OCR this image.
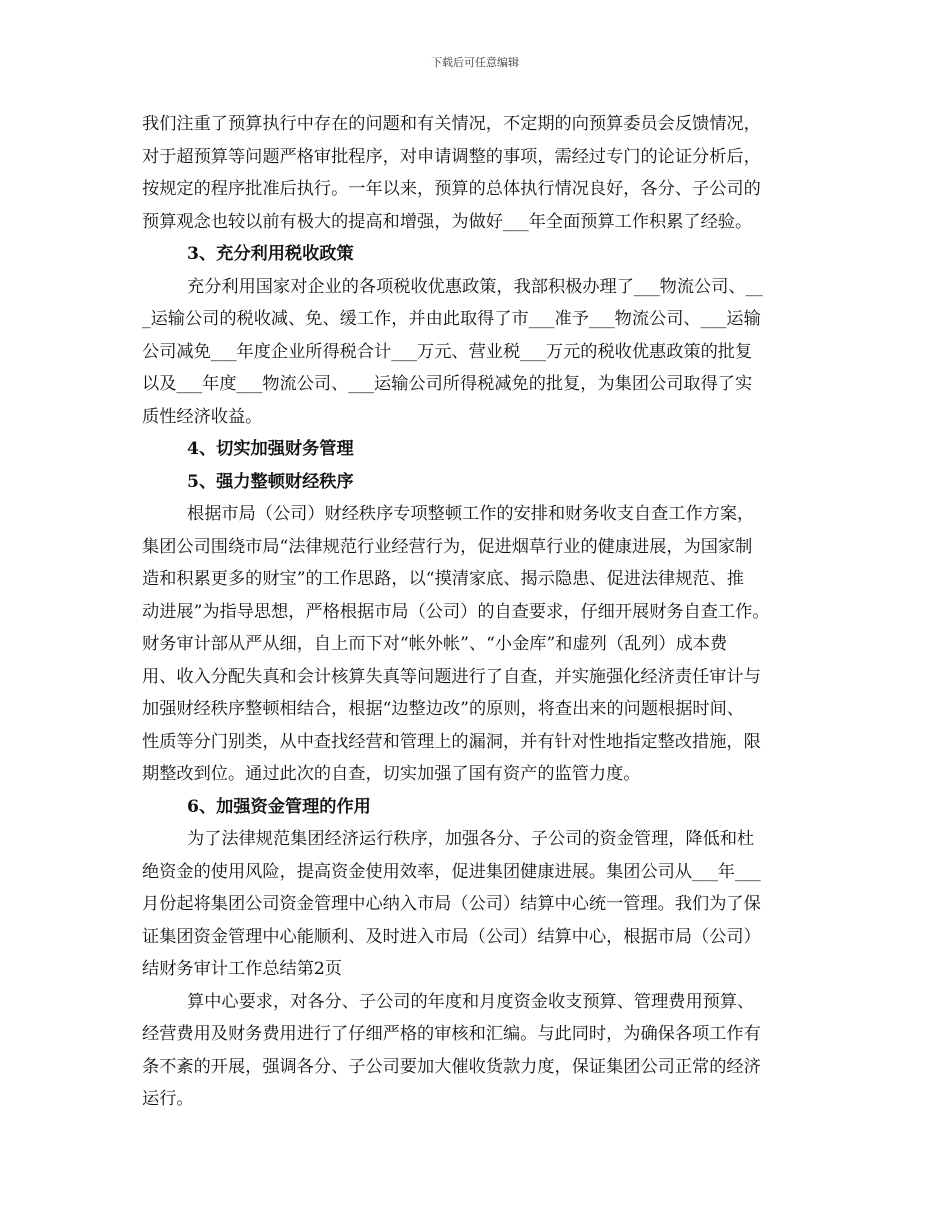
下载后可任意编辑
我们注重了预算执行中存在的问题和有关情况，不定期的向预算委员会反馈情况，
对于超预算等问题严格审批程序，对申请调整的事项，需经过专门的论证分析后，
按规定的程序批准后执行。一年以来，预算的总体执行情况良好，各分、子公司的
预算观念也较以前有极大的提高和增强，为做好___年全面预算工作积累了经验。
3、充分利用税收政策
充分利用国家对企业的各项税收优惠政策，我部积极办理了___物流公司、__
_运输公司的税收减、免、缓工作，并由此取得了市___准予___物流公司、___运输
公司减免___年度企业所得税合计___万元、营业税___万元的税收优惠政策的批复
以及___年度___物流公司、___运输公司所得税减免的批复，为集团公司取得了实
质性经济收益。
4、切实加强财务管理
5、强力整顿财经秩序
根据市局（公司）财经秩序专项整顿工作的安排和财务收支自查工作方案，
集团公司围绕市局“法律规范行业经营行为，促进烟草行业的健康进展，为国家制
造和积累更多的财宝”的工作思路，以“摸清家底、揭示隐患、促进法律规范、推
动进展”为指导思想，严格根据市局（公司）的自查要求，仔细开展财务自查工作。
财务审计部从严从细，自上而下对“帐外帐”、“小金库”和虚列（乱列）成本费
用、收入分配失真和会计核算失真等问题进行了自查，并实施强化经济责任审计与
加强财经秩序整顿相结合，根据“边整边改”的原则，将查出来的问题根据时间、
性质等分门别类，从中查找经营和管理上的漏洞，并有针对性地指定整改措施，限
期整改到位。通过此次的自查，切实加强了国有资产的监管力度。
6、加强资金管理的作用
为了法律规范集团经济运行秩序，加强各分、子公司的资金管理，降低和杜
绝资金的使用风险，提高资金使用效率，促进集团健康进展。集团公司从___年___
月份起将集团公司资金管理中心纳入市局（公司）结算中心统一管理。我们为了保
证集团资金管理中心能顺利、及时进入市局（公司）结算中心，根据市局（公司）
结财务审计工作总结第2页
算中心要求，对各分、子公司的年度和月度资金收支预算、管理费用预算、
经营费用及财务费用进行了仔细严格的审核和汇编。与此同时，为确保各项工作有
条不紊的开展，强调各分、子公司要加大催收货款力度，保证集团公司正常的经济
运行。
